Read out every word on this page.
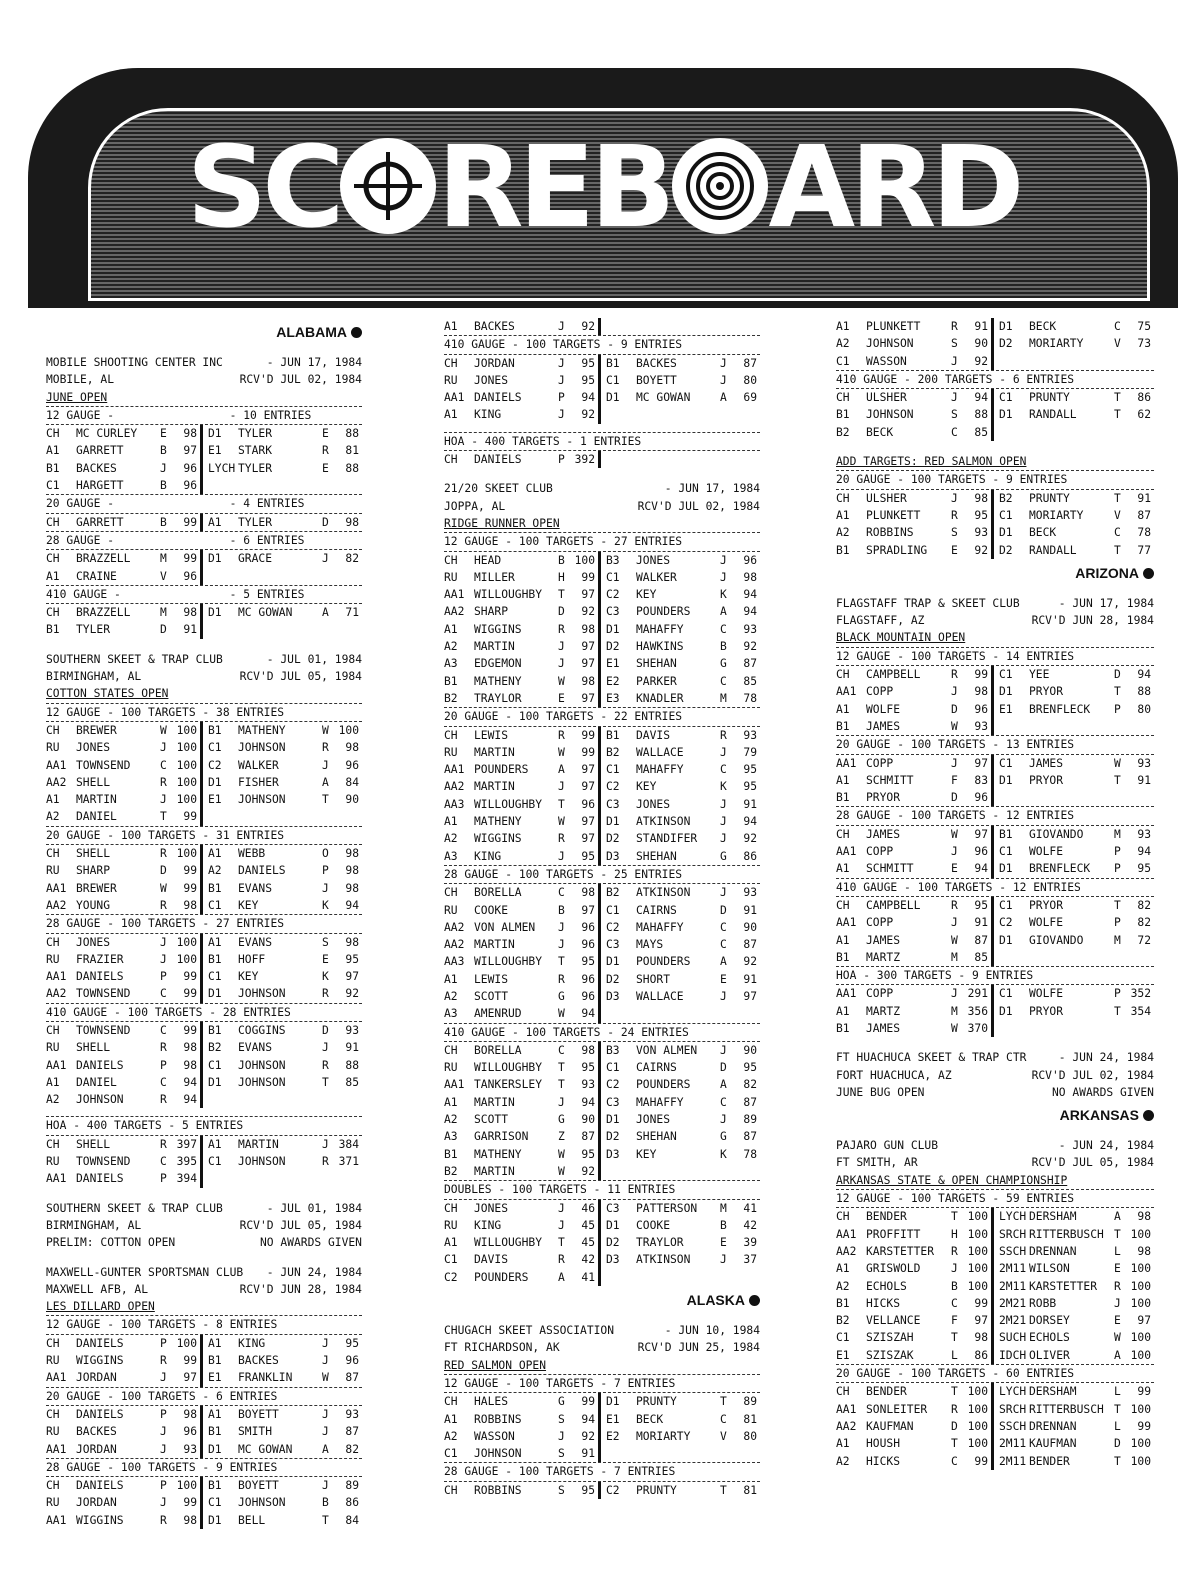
SC REB ARD
ALABAMA
MOBILE SHOOTING CENTER INC	- JUN 17, 1984
MOBILE, AL	RCV'D JUL 02, 1984
JUNE OPEN
12 GAUGE -                 - 10 ENTRIES
CH	MC CURLEY	E	98 D1	TYLER	E	88
A1	GARRETT	B	97 E1	STARK	R	81
B1	BACKES	J	96 LYCH TYLER	E	88
C1	HARGETT	B	96
20 GAUGE -                 - 4 ENTRIES
CH	GARRETT	B	99 A1	TYLER	D	98
28 GAUGE -                 - 6 ENTRIES
CH	BRAZZELL	M	99 D1	GRACE	J	82
A1	CRAINE	V	96
410 GAUGE -                - 5 ENTRIES
CH	BRAZZELL	M	98 D1	MC GOWAN	A	71
B1	TYLER	D	91
SOUTHERN SKEET & TRAP CLUB	- JUL 01, 1984
BIRMINGHAM, AL	RCV'D JUL 05, 1984
COTTON STATES OPEN
12 GAUGE - 100 TARGETS - 38 ENTRIES
CH	BREWER	W 100 B1	MATHENY	W 100
RU	JONES	J 100 C1	JOHNSON	R	98
AA1 TOWNSEND	C 100 C2	WALKER	J	96
AA2 SHELL	R 100 D1	FISHER	A	84
A1	MARTIN	J 100 E1	JOHNSON	T	90
A2	DANIEL	T	99
20 GAUGE - 100 TARGETS - 31 ENTRIES
CH	SHELL	R 100 A1	WEBB	O	98
RU	SHARP	D	99 A2	DANIELS	P	98
AA1 BREWER	W	99 B1	EVANS	J	98
AA2 YOUNG	R	98 C1	KEY	K	94
28 GAUGE - 100 TARGETS - 27 ENTRIES
CH	JONES	J 100 A1	EVANS	S	98
RU	FRAZIER	J 100 B1	HOFF	E	95
AA1 DANIELS	P	99 C1	KEY	K	97
AA2 TOWNSEND	C	99 D1	JOHNSON	R	92
410 GAUGE - 100 TARGETS - 28 ENTRIES
CH	TOWNSEND	C	99 B1	COGGINS	D	93
RU	SHELL	R	98 B2	EVANS	J	91
AA1 DANIELS	P	98 C1	JOHNSON	R	88
A1	DANIEL	C	94 D1	JOHNSON	T	85
A2	JOHNSON	R	94
HOA - 400 TARGETS - 5 ENTRIES
CH	SHELL	R 397 A1	MARTIN	J 384
RU	TOWNSEND	C 395 C1	JOHNSON	R 371
AA1 DANIELS	P 394
SOUTHERN SKEET & TRAP CLUB	- JUL 01, 1984
BIRMINGHAM, AL	RCV'D JUL 05, 1984
PRELIM: COTTON OPEN	NO AWARDS GIVEN
MAXWELL-GUNTER SPORTSMAN CLUB - JUN 24, 1984
MAXWELL AFB, AL	RCV'D JUN 28, 1984
LES DILLARD OPEN
12 GAUGE - 100 TARGETS - 8 ENTRIES
CH	DANIELS	P 100 A1	KING	J	95
RU	WIGGINS	R	99 B1	BACKES	J	96
AA1 JORDAN	J	97 E1	FRANKLIN	W	87
20 GAUGE - 100 TARGETS - 6 ENTRIES
CH	DANIELS	P	98 A1	BOYETT	J	93
RU	BACKES	J	96 B1	SMITH	J	87
AA1 JORDAN	J	93 D1	MC GOWAN	A	82
28 GAUGE - 100 TARGETS - 9 ENTRIES
CH	DANIELS	P 100 B1	BOYETT	J	89
RU	JORDAN	J	99 C1	JOHNSON	B	86
AA1 WIGGINS	R	98 D1	BELL	T	84
A1	BACKES	J	92
410 GAUGE - 100 TARGETS - 9 ENTRIES
CH	JORDAN	J	95 B1	BACKES	J	87
RU	JONES	J	95 C1	BOYETT	J	80
AA1 DANIELS	P	94 D1	MC GOWAN	A	69
A1	KING	J	92
HOA - 400 TARGETS - 1 ENTRIES
CH	DANIELS	P 392
21/20 SKEET CLUB	- JUN 17, 1984
JOPPA, AL	RCV'D JUL 02, 1984
RIDGE RUNNER OPEN
12 GAUGE - 100 TARGETS - 27 ENTRIES
CH	HEAD	B 100 B3	JONES	J	96
RU	MILLER	H	99 C1	WALKER	J	98
AA1 WILLOUGHBY	T	97 C2	KEY	K	94
AA2 SHARP	D	92 C3	POUNDERS	A	94
A1	WIGGINS	R	98 D1	MAHAFFY	C	93
A2	MARTIN	J	97 D2	HAWKINS	B	92
A3	EDGEMON	J	97 E1	SHEHAN	G	87
B1	MATHENY	W	98 E2	PARKER	C	85
B2	TRAYLOR	E	97 E3	KNADLER	M	78
20 GAUGE - 100 TARGETS - 22 ENTRIES
CH	LEWIS	R	99 B1	DAVIS	R	93
RU	MARTIN	W	99 B2	WALLACE	J	79
AA1 POUNDERS	A	97 C1	MAHAFFY	C	95
AA2 MARTIN	J	97 C2	KEY	K	95
AA3 WILLOUGHBY	T	96 C3	JONES	J	91
A1	MATHENY	W	97 D1	ATKINSON	J	94
A2	WIGGINS	R	97 D2	STANDIFER	J	92
A3	KING	J	95 D3	SHEHAN	G	86
28 GAUGE - 100 TARGETS - 25 ENTRIES
CH	BORELLA	C	98 B2	ATKINSON	J	93
RU	COOKE	B	97 C1	CAIRNS	D	91
AA2 VON ALMEN	J	96 C2	MAHAFFY	C	90
AA2 MARTIN	J	96 C3	MAYS	C	87
AA3 WILLOUGHBY	T	95 D1	POUNDERS	A	92
A1	LEWIS	R	96 D2	SHORT	E	91
A2	SCOTT	G	96 D3	WALLACE	J	97
A3	AMENRUD	W	94
410 GAUGE - 100 TARGETS - 24 ENTRIES
CH	BORELLA	C	98 B3	VON ALMEN	J	90
RU	WILLOUGHBY	T	95 C1	CAIRNS	D	95
AA1 TANKERSLEY	T	93 C2	POUNDERS	A	82
A1	MARTIN	J	94 C3	MAHAFFY	C	87
A2	SCOTT	G	90 D1	JONES	J	89
A3	GARRISON	Z	87 D2	SHEHAN	G	87
B1	MATHENY	W	95 D3	KEY	K	78
B2	MARTIN	W	92
DOUBLES - 100 TARGETS - 11 ENTRIES
CH	JONES	J	46 C3	PATTERSON	M	41
RU	KING	J	45 D1	COOKE	B	42
A1	WILLOUGHBY	T	45 D2	TRAYLOR	E	39
C1	DAVIS	R	42 D3	ATKINSON	J	37
C2	POUNDERS	A	41
ALASKA
CHUGACH SKEET ASSOCIATION	- JUN 10, 1984
FT RICHARDSON, AK	RCV'D JUN 25, 1984
RED SALMON OPEN
12 GAUGE - 100 TARGETS - 7 ENTRIES
CH	HALES	G	99 D1	PRUNTY	T	89
A1	ROBBINS	S	94 E1	BECK	C	81
A2	WASSON	J	92 E2	MORIARTY	V	80
C1	JOHNSON	S	91
28 GAUGE - 100 TARGETS - 7 ENTRIES
CH	ROBBINS	S	95 C2	PRUNTY	T	81
A1	PLUNKETT	R	91 D1	BECK	C	75
A2	JOHNSON	S	90 D2	MORIARTY	V	73
C1	WASSON	J	92
410 GAUGE - 200 TARGETS - 6 ENTRIES
CH	ULSHER	J	94 C1	PRUNTY	T	86
B1	JOHNSON	S	88 D1	RANDALL	T	62
B2	BECK	C	85
ADD TARGETS: RED SALMON OPEN
20 GAUGE - 100 TARGETS - 9 ENTRIES
CH	ULSHER	J	98 B2	PRUNTY	T	91
A1	PLUNKETT	R	95 C1	MORIARTY	V	87
A2	ROBBINS	S	93 D1	BECK	C	78
B1	SPRADLING	E	92 D2	RANDALL	T	77
ARIZONA
FLAGSTAFF TRAP & SKEET CLUB	- JUN 17, 1984
FLAGSTAFF, AZ	RCV'D JUN 28, 1984
BLACK MOUNTAIN OPEN
12 GAUGE - 100 TARGETS - 14 ENTRIES
CH	CAMPBELL	R	99 C1	YEE	D	94
AA1 COPP	J	98 D1	PRYOR	T	88
A1	WOLFE	D	96 E1	BRENFLECK	P	80
B1	JAMES	W	93
20 GAUGE - 100 TARGETS - 13 ENTRIES
AA1 COPP	J	97 C1	JAMES	W	93
A1	SCHMITT	F	83 D1	PRYOR	T	91
B1	PRYOR	D	96
28 GAUGE - 100 TARGETS - 12 ENTRIES
CH	JAMES	W	97 B1	GIOVANDO	M	93
AA1 COPP	J	96 C1	WOLFE	P	94
A1	SCHMITT	E	94 D1	BRENFLECK	P	95
410 GAUGE - 100 TARGETS - 12 ENTRIES
CH	CAMPBELL	R	95 C1	PRYOR	T	82
AA1 COPP	J	91 C2	WOLFE	P	82
A1	JAMES	W	87 D1	GIOVANDO	M	72
B1	MARTZ	M	85
HOA - 300 TARGETS - 9 ENTRIES
AA1 COPP	J 291 C1	WOLFE	P 352
A1	MARTZ	M 356 D1	PRYOR	T 354
B1	JAMES	W 370
FT HUACHUCA SKEET & TRAP CTR	- JUN 24, 1984
FORT HUACHUCA, AZ	RCV'D JUL 02, 1984
JUNE BUG OPEN	NO AWARDS GIVEN
ARKANSAS
PAJARO GUN CLUB	- JUN 24, 1984
FT SMITH, AR	RCV'D JUL 05, 1984
ARKANSAS STATE & OPEN CHAMPIONSHIP
12 GAUGE - 100 TARGETS - 59 ENTRIES
CH	BENDER	T 100 LYCH DERSHAM	A	98
AA1 PROFFITT	H 100 SRCH RITTERBUSCH T 100
AA2 KARSTETTER	R 100 SSCH DRENNAN	L	98
A1	GRISWOLD	J 100 2M11 WILSON	E 100
A2	ECHOLS	B 100 2M11 KARSTETTER	R 100
B1	HICKS	C	99 2M21 ROBB	J 100
B2	VELLANCE	F	97 2M21 DORSEY	E	97
C1	SZISZAH	T	98 SUCH ECHOLS	W 100
E1	SZISZAK	L	86 IDCH OLIVER	A 100
20 GAUGE - 100 TARGETS - 60 ENTRIES
CH	BENDER	T 100 LYCH DERSHAM	L	99
AA1 SONLEITER	R 100 SRCH RITTERBUSCH T 100
AA2 KAUFMAN	D 100 SSCH DRENNAN	L	99
A1	HOUSH	T 100 2M11 KAUFMAN	D 100
A2	HICKS	C	99 2M11 BENDER	T 100
